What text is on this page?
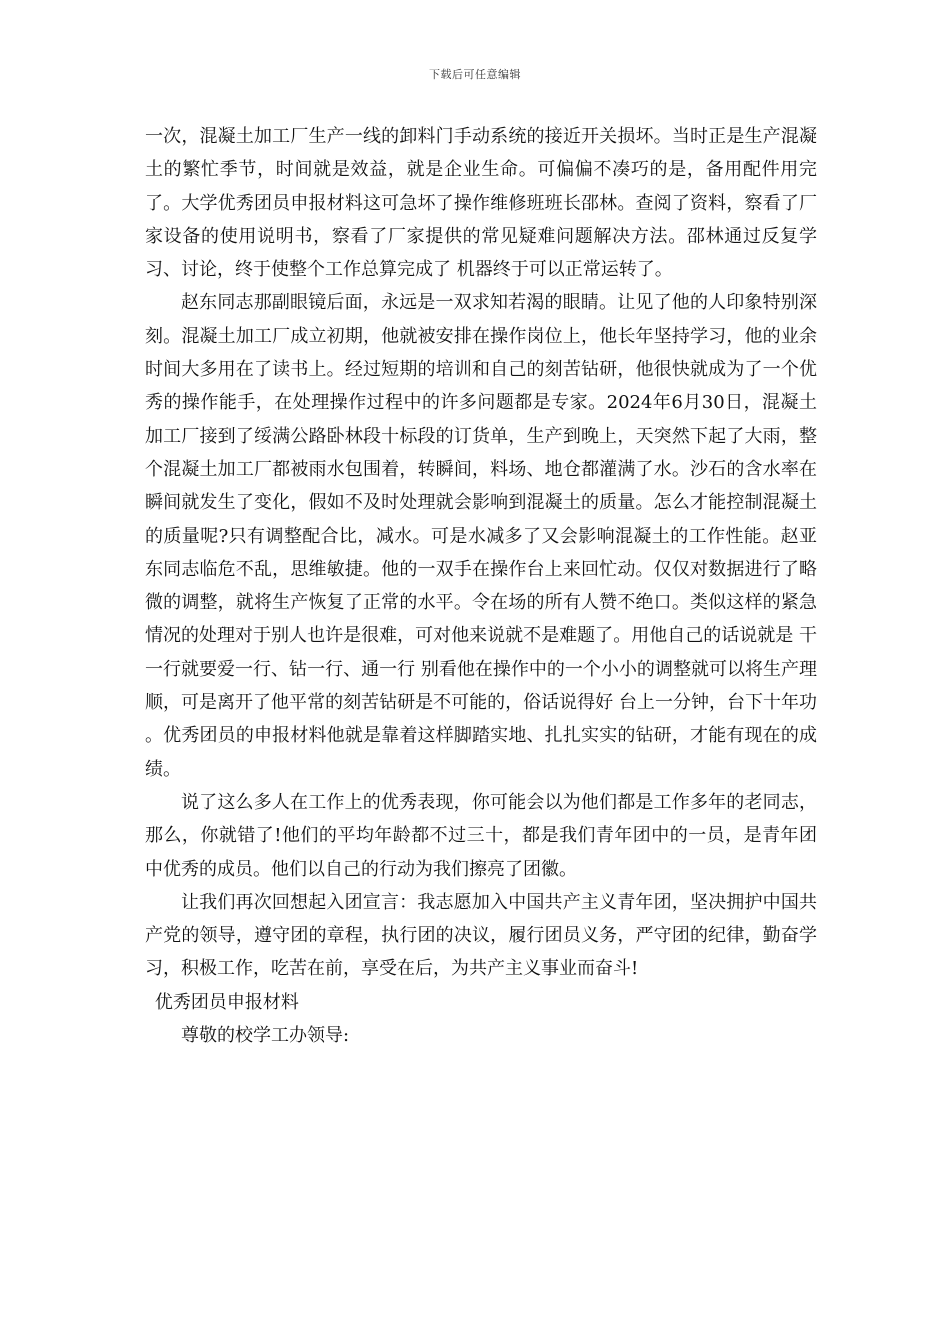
下载后可任意编辑

一次，混凝土加工厂生产一线的卸料门手动系统的接近开关损坏。当时正是生产混凝土的繁忙季节，时间就是效益，就是企业生命。可偏偏不凑巧的是，备用配件用完了。大学优秀团员申报材料这可急坏了操作维修班班长邵林。查阅了资料，察看了厂家设备的使用说明书，察看了厂家提供的常见疑难问题解决方法。邵林通过反复学习、讨论，终于使整个工作总算完成了 机器终于可以正常运转了。

赵东同志那副眼镜后面，永远是一双求知若渴的眼睛。让见了他的人印象特别深刻。混凝土加工厂成立初期，他就被安排在操作岗位上，他长年坚持学习，他的业余时间大多用在了读书上。经过短期的培训和自己的刻苦钻研，他很快就成为了一个优秀的操作能手，在处理操作过程中的许多问题都是专家。2024年6月30日，混凝土加工厂接到了绥满公路卧林段十标段的订货单，生产到晚上，天突然下起了大雨，整个混凝土加工厂都被雨水包围着，转瞬间，料场、地仓都灌满了水。沙石的含水率在瞬间就发生了变化，假如不及时处理就会影响到混凝土的质量。怎么才能控制混凝土的质量呢?只有调整配合比，减水。可是水减多了又会影响混凝土的工作性能。赵亚东同志临危不乱，思维敏捷。他的一双手在操作台上来回忙动。仅仅对数据进行了略微的调整，就将生产恢复了正常的水平。令在场的所有人赞不绝口。类似这样的紧急情况的处理对于别人也许是很难，可对他来说就不是难题了。用他自己的话说就是 干一行就要爱一行、钻一行、通一行 别看他在操作中的一个小小的调整就可以将生产理顺，可是离开了他平常的刻苦钻研是不可能的，俗话说得好 台上一分钟，台下十年功 。优秀团员的申报材料他就是靠着这样脚踏实地、扎扎实实的钻研，才能有现在的成绩。

说了这么多人在工作上的优秀表现，你可能会以为他们都是工作多年的老同志，那么，你就错了!他们的平均年龄都不过三十，都是我们青年团中的一员，是青年团中优秀的成员。他们以自己的行动为我们擦亮了团徽。

让我们再次回想起入团宣言：我志愿加入中国共产主义青年团，坚决拥护中国共产党的领导，遵守团的章程，执行团的决议，履行团员义务，严守团的纪律，勤奋学习，积极工作，吃苦在前，享受在后，为共产主义事业而奋斗!

优秀团员申报材料

尊敬的校学工办领导:
